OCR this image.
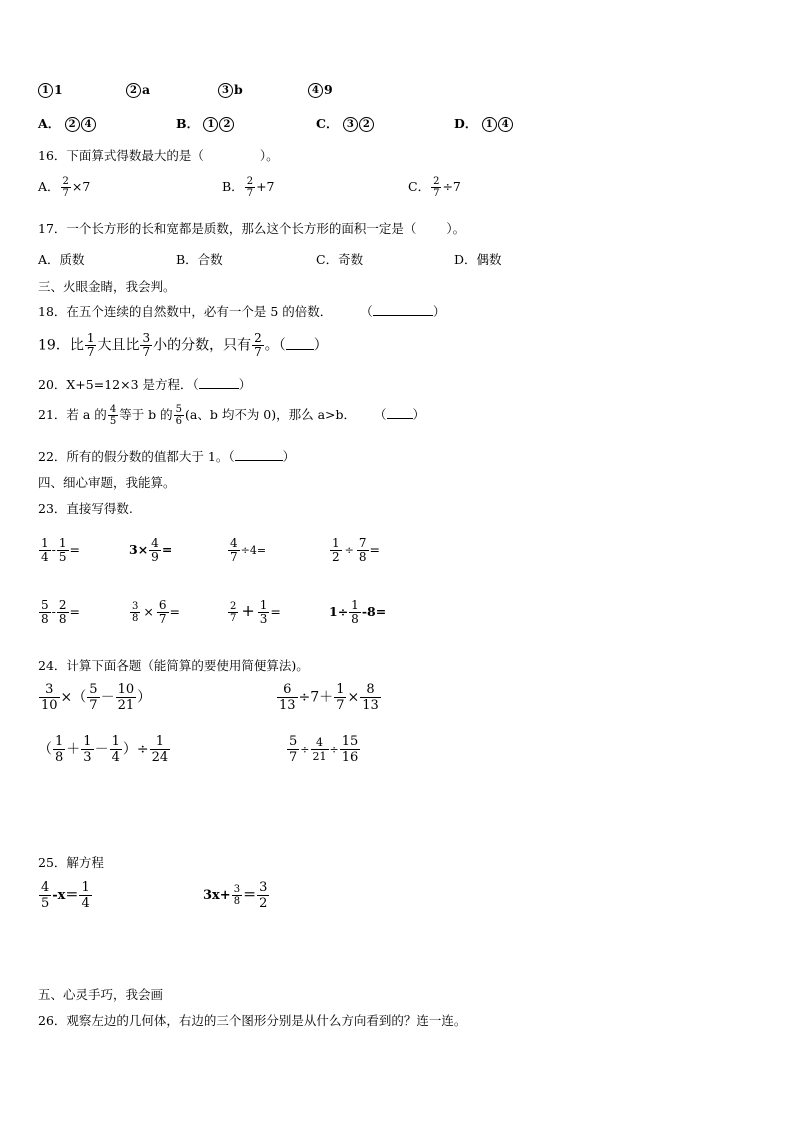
1 1	2 a	3 b	4 9
A． 2 4	B． 1 2	C． 3 2	D． 1 4
16．下面算式得数最大的是（	）。
A． $\frac{2}{7} \times 7$	B． $\frac{2}{7} +7$	C． $\frac{2}{7} \div 7$
17．一个长方形的长和宽都是质数，那么这个长方形的面积一定是（ ）。
A．质数	B．合数	C．奇数	D．偶数
三、火眼金睛，我会判。
18．在五个连续的自然数中，必有一个是 5 的倍数． （	）
19．比 $\frac{1}{7}$ 大且比 $\frac{3}{7}$ 小的分数，只有 $\frac{2}{7}$ 。（ ）
20．X+5=12×3 是方程．（	）
21．若 a 的 $\frac{4}{5}$ 等于 b 的 $\frac{5}{6} (a$、b 均不为 0)，那么 a>b． （ ）
22．所有的假分数的值都大于 1。（	）
四、细心审题，我能算。
23．直接写得数.
$\frac{1}{4} - \frac{1}{5}$ =	$3\times \frac{4}{9}$ =	$\frac{4}{7} \div 4=$	$\frac{1}{2} \div \frac{7}{8}$ =
$\frac{5}{8} - \frac{2}{8}$ =	$\frac{3}{8} \times \frac{6}{7}$ =	$\frac{2}{7} + \frac{1}{3}$ =	$1\div \frac{1}{8} -8=$
24．计算下面各题（能简算的要使用简便算法)。
$\frac{3}{10}$ ×（ $\frac{5}{7} - \frac{10}{21}$ ）	$\frac{6}{13} \div 7+ \frac{1}{7} \times \frac{8}{13}$
（ $\frac{1}{8} + \frac{1}{3} - \frac{1}{4}$ ）÷ $\frac{1}{24}$	$\frac{5}{7} \div \frac{4}{21} \div \frac{15}{16}$
25．解方程
$\frac{4}{5} -x= \frac{1}{4}$	$3x+ \frac{3}{8} = \frac{3}{2}$
五、心灵手巧，我会画
26．观察左边的几何体，右边的三个图形分别是从什么方向看到的？连一连。
